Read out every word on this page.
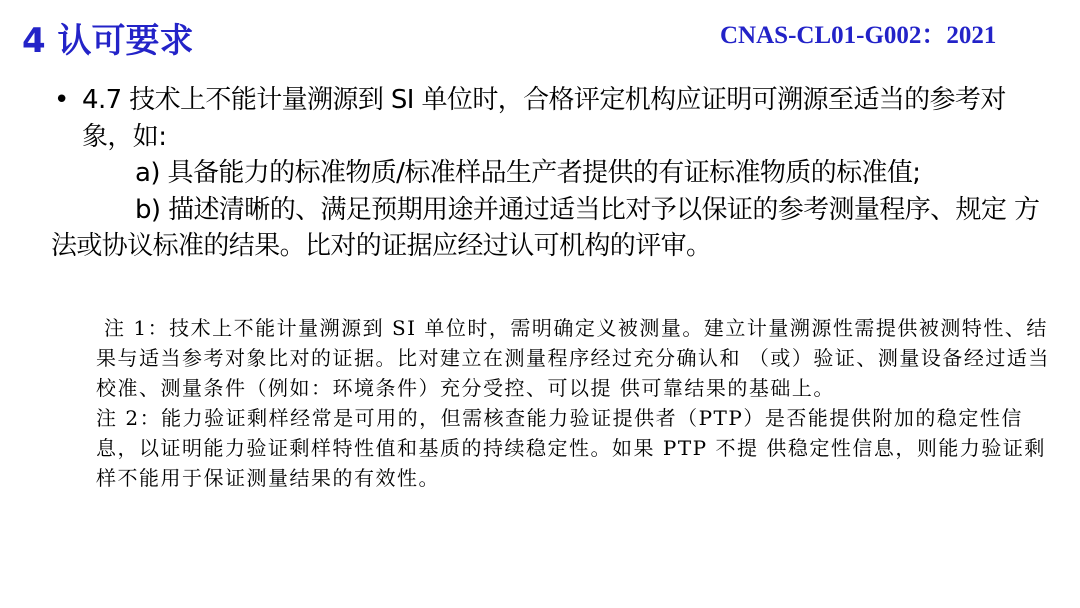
4 认可要求	CNAS-CL01-G002：2021

• 4.7 技术上不能计量溯源到 SI 单位时，合格评定机构应证明可溯源至适当的参考对 象，如:

a) 具备能力的标准物质/标准样品生产者提供的有证标准物质的标准值;

b) 描述清晰的、满足预期用途并通过适当比对予以保证的参考测量程序、规定 方法或协议标准的结果。比对的证据应经过认可机构的评审。

注 1：技术上不能计量溯源到 SI 单位时，需明确定义被测量。建立计量溯源性需提供被测特性、结果与适当参考对象比对的证据。比对建立在测量程序经过充分确认和 （或）验证、测量设备经过适当校准、测量条件（例如：环境条件）充分受控、可以提 供可靠结果的基础上。

注 2：能力验证剩样经常是可用的，但需核查能力验证提供者（PTP）是否能提供附加的稳定性信息，以证明能力验证剩样特性值和基质的持续稳定性。如果 PTP 不提 供稳定性信息，则能力验证剩样不能用于保证测量结果的有效性。
